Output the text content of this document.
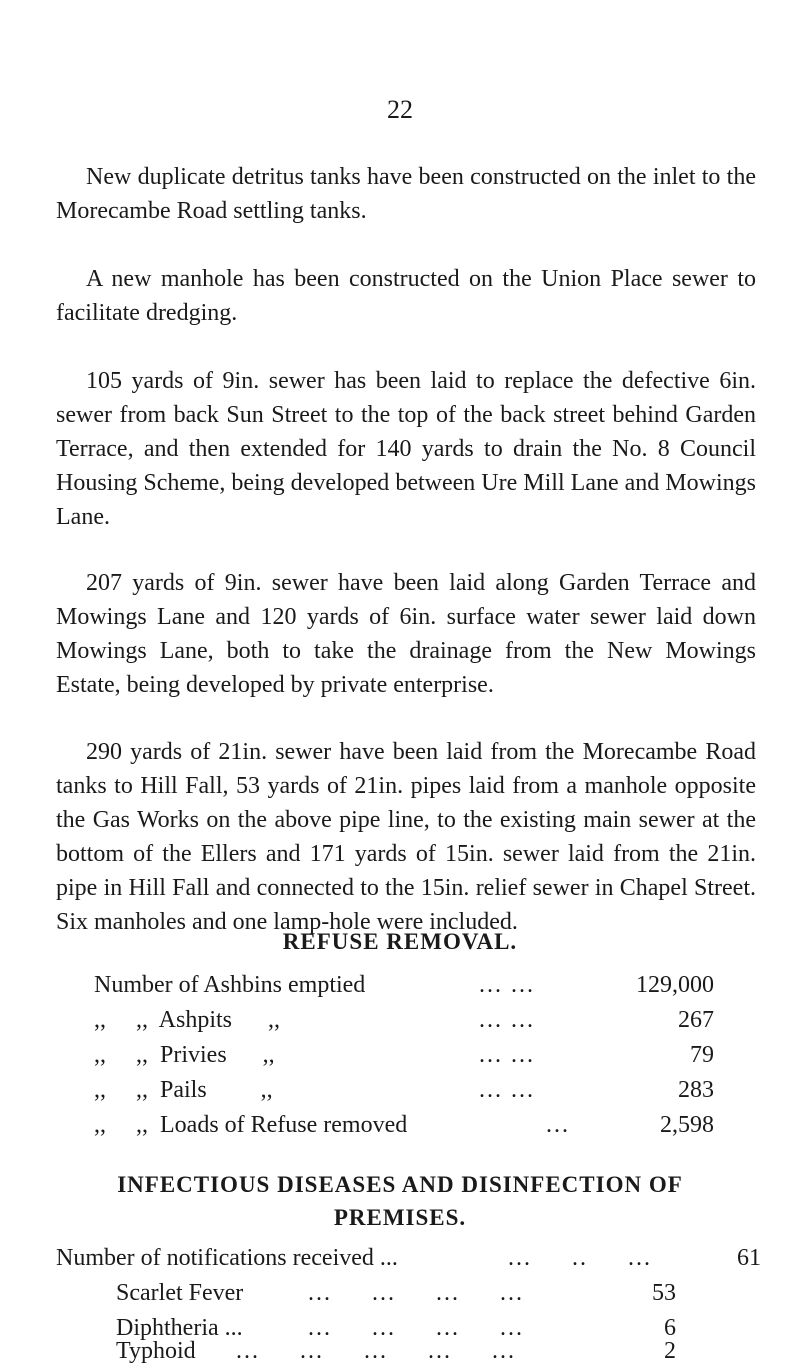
22

New duplicate detritus tanks have been constructed on the inlet to the Morecambe Road settling tanks.

A new manhole has been constructed on the Union Place sewer to facilitate dredging.

105 yards of 9in. sewer has been laid to replace the defective 6in. sewer from back Sun Street to the top of the back street behind Garden Terrace, and then extended for 140 yards to drain the No. 8 Council Housing Scheme, being developed between Ure Mill Lane and Mowings Lane.

207 yards of 9in. sewer have been laid along Garden Terrace and Mowings Lane and 120 yards of 6in. surface water sewer laid down Mowings Lane, both to take the drainage from the New Mowings Estate, being developed by private enterprise.

290 yards of 21in. sewer have been laid from the Morecambe Road tanks to Hill Fall, 53 yards of 21in. pipes laid from a manhole opposite the Gas Works on the above pipe line, to the existing main sewer at the bottom of the Ellers and 171 yards of 15in. sewer laid from the 21in. pipe in Hill Fall and connected to the 15in. relief sewer in Chapel Street. Six manholes and one lamp-hole were included.

REFUSE REMOVAL.
Number of Ashbins emptied	... ...	129,000
,,     ,,  Ashpits      ,,	... ...	267
,,     ,,  Privies      ,,	... ...	79
,,     ,,  Pails         ,,	... ...	283
,,     ,,  Loads of Refuse removed	...	2,598
INFECTIOUS DISEASES AND DISINFECTION OF
PREMISES.
Number of notifications received ...	...     ..     ...	61
Scarlet Fever	...     ...     ...     ...	53
Diphtheria ...	...     ...     ...     ...	6
Typhoid ...     ...     ...     ...     ...	2
